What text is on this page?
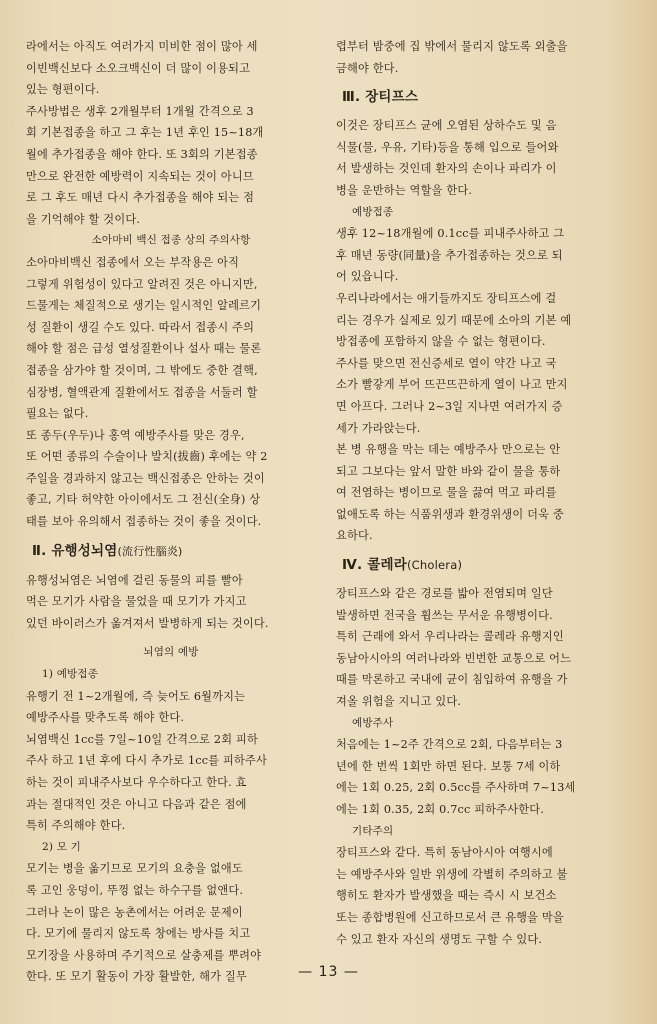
라에서는 아직도 여러가지 미비한 점이 많아 세

이빈백신보다 소오크백신이 더 많이 이용되고

있는 형편이다.

주사방법은 생후 2개월부터 1개월 간격으로 3

회 기본접종을 하고 그 후는 1년 후인 15~18개

월에 추가접종을 해야 한다. 또 3회의 기본접종

만으로 완전한 예방력이 지속되는 것이 아니므

로 그 후도 매년 다시 추가접종을 해야 되는 점

을 기억해야 할 것이다.

소아마비 백신 접종 상의 주의사항

소아마비백신 접종에서 오는 부작용은 아직

그렇게 위험성이 있다고 알려진 것은 아니지만,

드물게는 체질적으로 생기는 일시적인 알레르기

성 질환이 생길 수도 있다. 따라서 접종시 주의

해야 할 점은 급성 열성질환이나 설사 때는 물론

접종을 삼가야 할 것이며, 그 밖에도 중한 결핵,

심장병, 혈액관계 질환에서도 접종을 서둘러 할

필요는 없다.

또 종두(우두)나 홍역 예방주사를 맞은 경우,

또 어떤 종류의 수술이나 발치(拔齒) 후에는 약 2

주일을 경과하지 않고는 백신접종은 안하는 것이

좋고, 기타 허약한 아이에서도 그 전신(全身) 상

태를 보아 유의해서 접종하는 것이 좋을 것이다.

Ⅱ. 유행성뇌염(流行性腦炎)

유행성뇌염은 뇌염에 걸린 동물의 피를 빨아

먹은 모기가 사람을 물었을 때 모기가 가지고

있던 바이러스가 옮겨져서 발병하게 되는 것이다.

뇌염의 예방

1) 예방접종

유행기 전 1~2개월에, 즉 늦어도 6월까지는

예방주사를 맞추도록 해야 한다.

뇌염백신 1cc를 7일~10일 간격으로 2회 피하

주사 하고 1년 후에 다시 추가로 1cc를 피하주사

하는 것이 피내주사보다 우수하다고 한다. 효

과는 절대적인 것은 아니고 다음과 같은 점에

특히 주의해야 한다.

2) 모 기

모기는 병을 옮기므로 모기의 요충을 없애도

록 고인 웅덩이, 뚜껑 없는 하수구를 없앤다.

그러나 논이 많은 농촌에서는 어려운 문제이

다. 모기에 물리지 않도록 창에는 방사를 치고

모기장을 사용하며 주기적으로 살충제를 뿌려야

한다. 또 모기 활동이 가장 활발한, 해가 질무

렵부터 밤중에 집 밖에서 물리지 않도록 외출을

금해야 한다.

Ⅲ. 장티프스

이것은 장티프스 균에 오염된 상하수도 및 음

식물(물, 우유, 기타)등을 통해 입으로 들어와

서 발생하는 것인데 환자의 손이나 파리가 이

병을 운반하는 역할을 한다.

예방접종

생후 12~18개월에 0.1cc를 피내주사하고 그

후 매년 동량(同量)을 추가접종하는 것으로 되

어 있읍니다.

우리나라에서는 애기들까지도 장티프스에 걸

리는 경우가 실제로 있기 때문에 소아의 기본 예

방접종에 포함하지 않을 수 없는 형편이다.

주사를 맞으면 전신증세로 열이 약간 나고 국

소가 빨갛게 부어 뜨끈뜨끈하게 열이 나고 만지

면 아프다. 그러나 2~3일 지나면 여러가지 증

세가 가라앉는다.

본 병 유행을 막는 데는 예방주사 만으로는 안

되고 그보다는 앞서 말한 바와 같이 물을 통하

여 전염하는 병이므로 물을 끓여 먹고 파리를

없애도록 하는 식품위생과 환경위생이 더욱 중

요하다.

Ⅳ. 콜레라(Cholera)

장티프스와 같은 경로를 밟아 전염되며 일단

발생하면 전국을 휩쓰는 무서운 유행병이다.

특히 근래에 와서 우리나라는 콜레라 유행지인

동남아시아의 여러나라와 빈번한 교통으로 어느

때를 막론하고 국내에 균이 침입하여 유행을 가

져올 위험을 지니고 있다.

예방주사

처음에는 1~2주 간격으로 2회, 다음부터는 3

년에 한 번씩 1회만 하면 된다. 보통 7세 이하

에는 1회 0.25, 2회 0.5cc를 주사하며 7~13세

에는 1회 0.35, 2회 0.7cc 피하주사한다.

기타주의

장티프스와 같다. 특히 동남아시아 여행시에

는 예방주사와 일반 위생에 각별히 주의하고 불

행히도 환자가 발생했을 때는 즉시 시 보건소

또는 종합병원에 신고하므로서 큰 유행을 막을

수 있고 환자 자신의 생명도 구할 수 있다.

— 13 —
